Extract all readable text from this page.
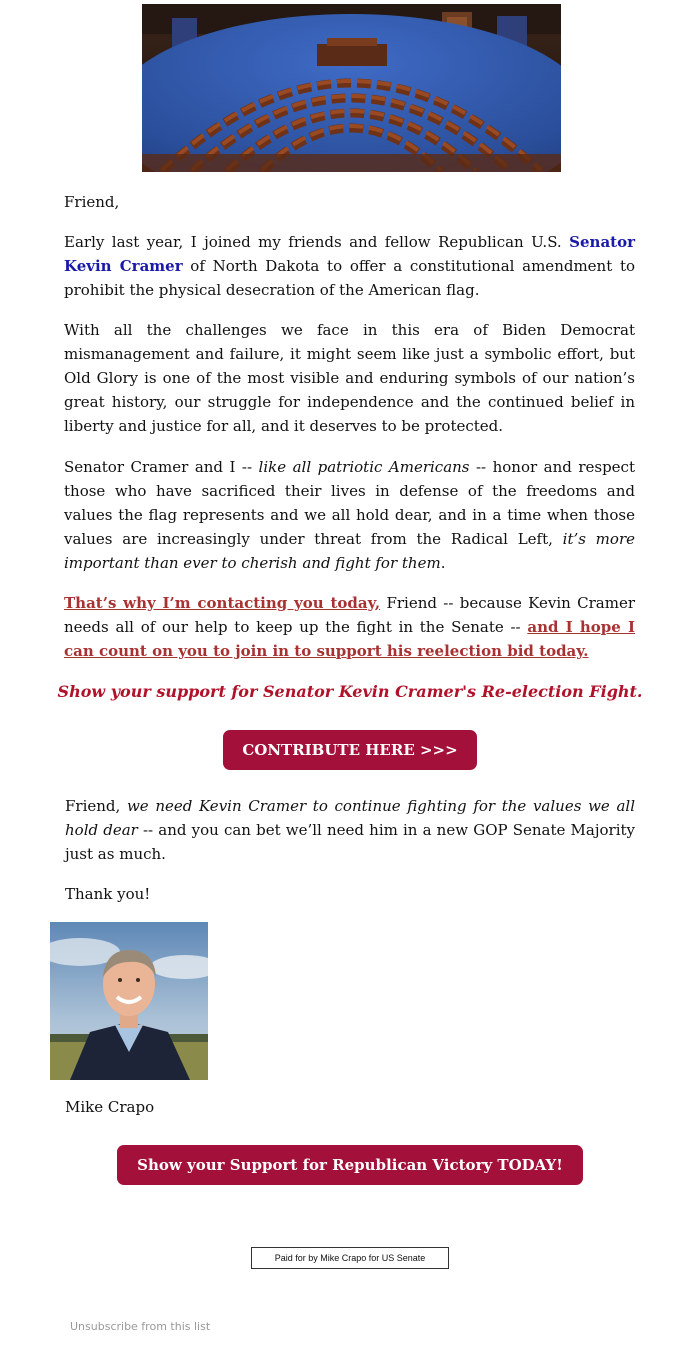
Friend,

Early last year, I joined my friends and fellow Republican U.S. Senator Kevin Cramer of North Dakota to offer a constitutional amendment to prohibit the physical desecration of the American flag.

With all the challenges we face in this era of Biden Democrat mismanagement and failure, it might seem like just a symbolic effort, but Old Glory is one of the most visible and enduring symbols of our nation’s great history, our struggle for independence and the continued belief in liberty and justice for all, and it deserves to be protected.

Senator Cramer and I -- like all patriotic Americans -- honor and respect those who have sacrificed their lives in defense of the freedoms and values the flag represents and we all hold dear, and in a time when those values are increasingly under threat from the Radical Left, it’s more important than ever to cherish and fight for them.

That’s why I’m contacting you today, Friend -- because Kevin Cramer needs all of our help to keep up the fight in the Senate -- and I hope I can count on you to join in to support his reelection bid today.

Show your support for Senator Kevin Cramer's Re-election Fight.
CONTRIBUTE HERE >>>

Friend, we need Kevin Cramer to continue fighting for the values we all hold dear -- and you can bet we’ll need him in a new GOP Senate Majority just as much.

Thank you!

Mike Crapo
Show your Support for Republican Victory TODAY!
Paid for by Mike Crapo for US Senate
Unsubscribe from this list
